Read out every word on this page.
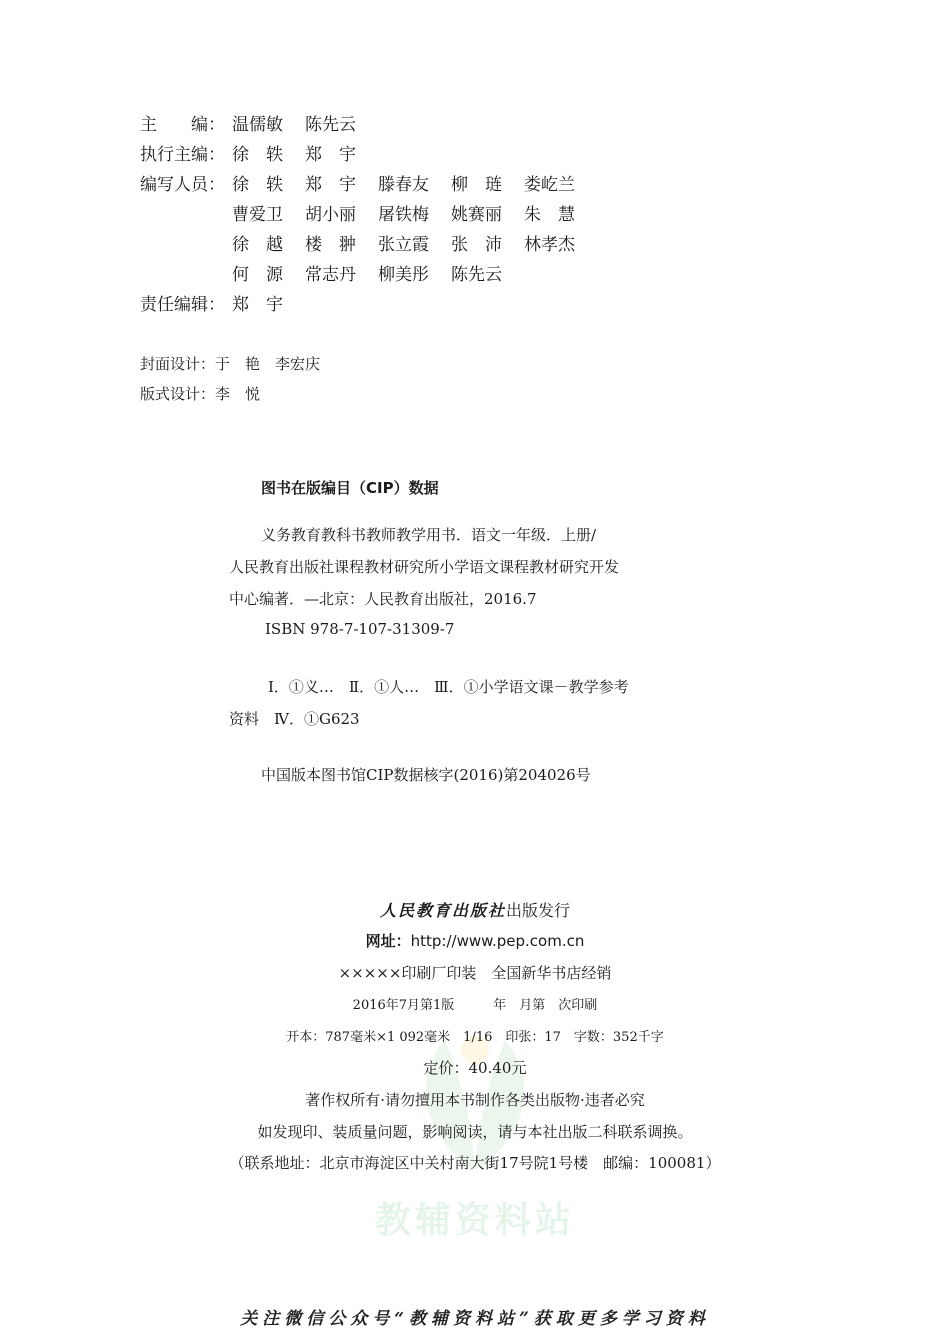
主　　编： 温儒敏 陈先云
执行主编： 徐　轶 郑　宇
编写人员： 徐　轶 郑　宇 滕春友 柳　琏 娄屹兰
曹爱卫 胡小丽 屠铁梅 姚赛丽 朱　慧
徐　越 楼　翀 张立霞 张　沛 林孝杰
何　源 常志丹 柳美彤 陈先云
责任编辑： 郑　宇
封面设计：于　艳　李宏庆
版式设计：李　悦
图书在版编目（CIP）数据
义务教育教科书教师教学用书．语文一年级．上册/
人民教育出版社课程教材研究所小学语文课程教材研究开发
中心编著．—北京：人民教育出版社，2016.7
ISBN 978-7-107-31309-7
Ⅰ．①义…　Ⅱ．①人…　Ⅲ．①小学语文课－教学参考
资料　Ⅳ．①G623
中国版本图书馆CIP数据核字(2016)第204026号
人民教育出版社出版发行
网址：http://www.pep.com.cn
×××××印刷厂印装　全国新华书店经销
2016年7月第1版　　　年　月第　次印刷
开本：787毫米×1 092毫米　1/16　印张：17　字数：352千字
定价：40.40元
著作权所有·请勿擅用本书制作各类出版物·违者必究
如发现印、装质量问题，影响阅读，请与本社出版二科联系调换。
（联系地址：北京市海淀区中关村南大街17号院1号楼　邮编：100081）
教辅资料站
关注微信公众号“教辅资料站”获取更多学习资料
